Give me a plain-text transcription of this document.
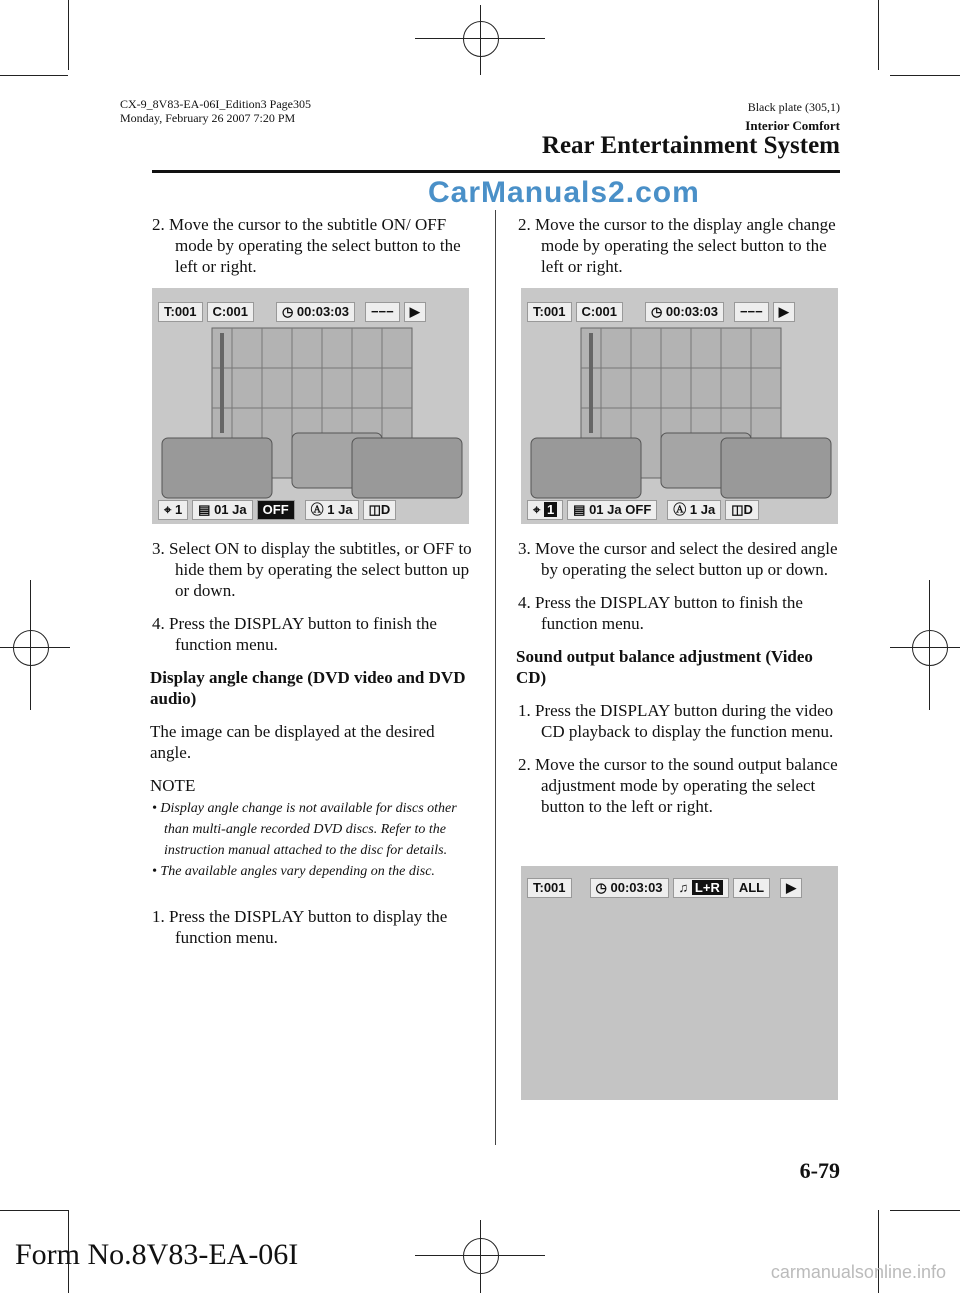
CX-9_8V83-EA-06I_Edition3 Page305
Monday, February 26 2007 7:20 PM
Black plate (305,1)
Interior Comfort
Rear Entertainment System
CarManuals2.com

2. Move the cursor to the subtitle ON/ OFF mode by operating the select button to the left or right.

T:001	C:001	◷ 00:03:03	−−−	▶
⌖ 1	▤ 01 Ja	OFF	Ⓐ 1 Ja	◫D

3. Select ON to display the subtitles, or OFF to hide them by operating the select button up or down.

4. Press the DISPLAY button to finish the function menu.

Display angle change (DVD video and DVD audio)

The image can be displayed at the desired angle.

NOTE

• Display angle change is not available for discs other than multi-angle recorded DVD discs. Refer to the instruction manual attached to the disc for details.

• The available angles vary depending on the disc.

1. Press the DISPLAY button to display the function menu.

2. Move the cursor to the display angle change mode by operating the select button to the left or right.

T:001	C:001	◷ 00:03:03	−−−	▶
⌖ 1	▤ 01 Ja OFF	Ⓐ 1 Ja	◫D

3. Move the cursor and select the desired angle by operating the select button up or down.

4. Press the DISPLAY button to finish the function menu.

Sound output balance adjustment (Video CD)

1. Press the DISPLAY button during the video CD playback to display the function menu.

2. Move the cursor to the sound output balance adjustment mode by operating the select button to the left or right.

T:001	◷ 00:03:03	♫ L+R	ALL	▶
6-79
Form No.8V83-EA-06I
carmanualsonline.info
